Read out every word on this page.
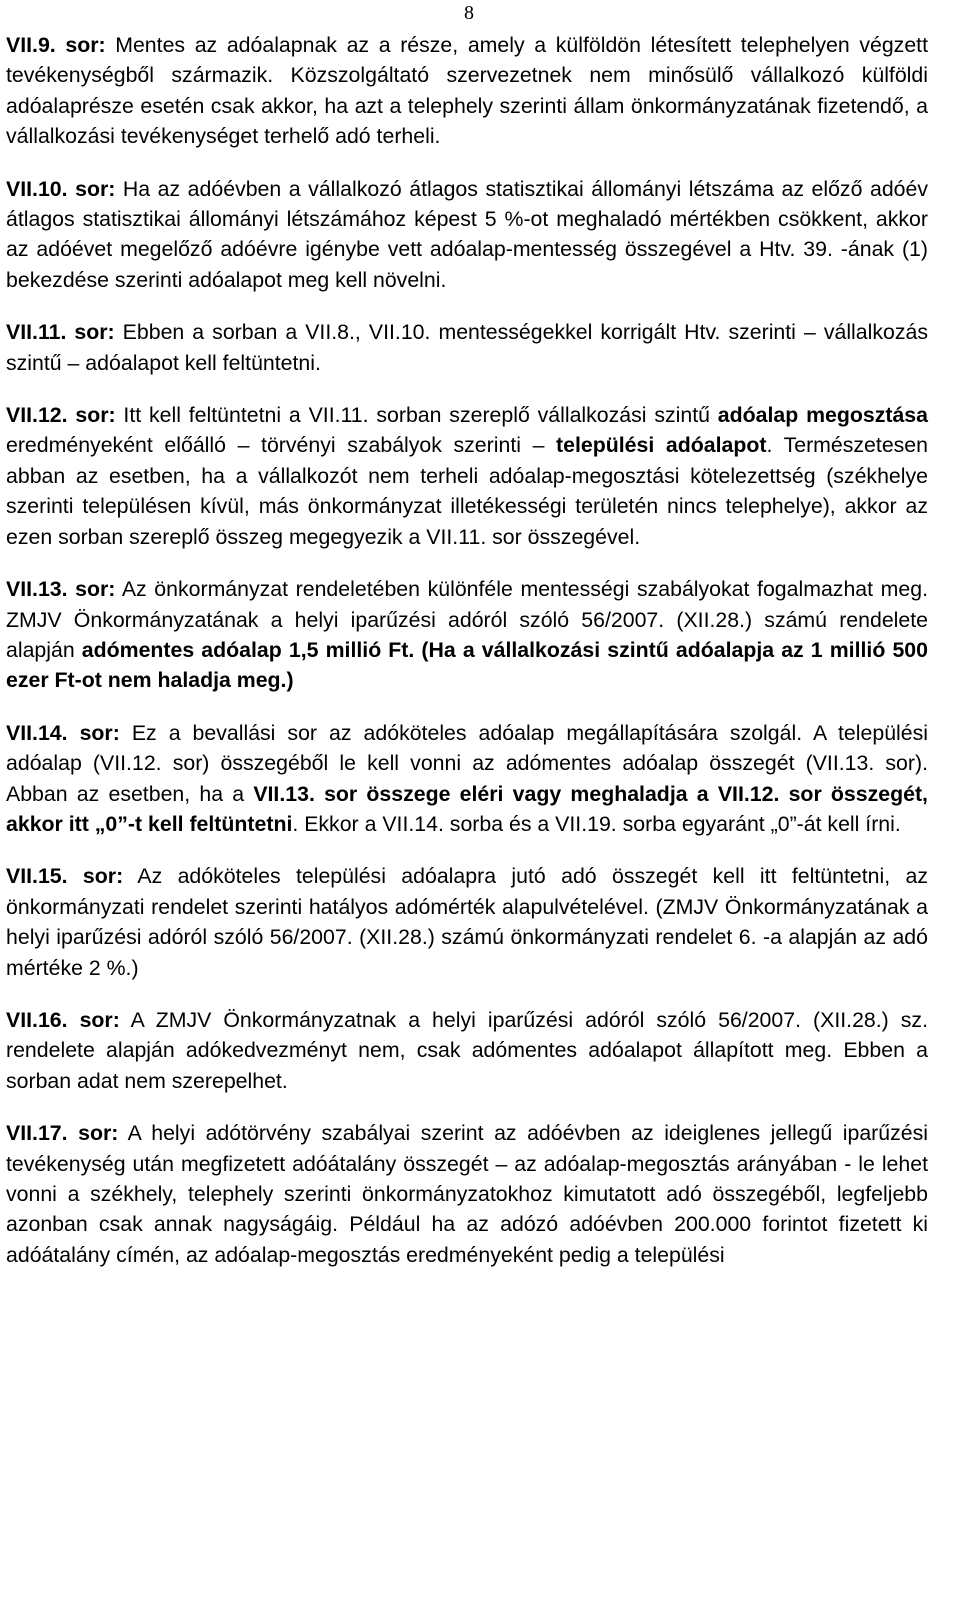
8

VII.9. sor: Mentes az adóalapnak az a része, amely a külföldön létesített telephelyen végzett tevékenységből származik. Közszolgáltató szervezetnek nem minősülő vállalkozó külföldi adóalaprésze esetén csak akkor, ha azt a telephely szerinti állam önkormányzatának fizetendő, a vállalkozási tevékenységet terhelő adó terheli.

VII.10. sor: Ha az adóévben a vállalkozó átlagos statisztikai állományi létszáma az előző adóév átlagos statisztikai állományi létszámához képest 5 %-ot meghaladó mértékben csökkent, akkor az adóévet megelőző adóévre igénybe vett adóalap-mentesség összegével a Htv. 39. -ának (1) bekezdése szerinti adóalapot meg kell növelni.

VII.11. sor: Ebben a sorban a VII.8., VII.10. mentességekkel korrigált Htv. szerinti – vállalkozás szintű – adóalapot kell feltüntetni.

VII.12. sor: Itt kell feltüntetni a VII.11. sorban szereplő vállalkozási szintű adóalap megosztása eredményeként előálló – törvényi szabályok szerinti – települési adóalapot. Természetesen abban az esetben, ha a vállalkozót nem terheli adóalap-megosztási kötelezettség (székhelye szerinti településen kívül, más önkormányzat illetékességi területén nincs telephelye), akkor az ezen sorban szereplő összeg megegyezik a VII.11. sor összegével.

VII.13. sor: Az önkormányzat rendeletében különféle mentességi szabályokat fogalmazhat meg. ZMJV Önkormányzatának a helyi iparűzési adóról szóló 56/2007. (XII.28.) számú rendelete alapján adómentes adóalap 1,5 millió Ft. (Ha a vállalkozási szintű adóalapja az 1 millió 500 ezer Ft-ot nem haladja meg.)

VII.14. sor: Ez a bevallási sor az adóköteles adóalap megállapítására szolgál. A települési adóalap (VII.12. sor) összegéből le kell vonni az adómentes adóalap összegét (VII.13. sor). Abban az esetben, ha a VII.13. sor összege eléri vagy meghaladja a VII.12. sor összegét, akkor itt „0”-t kell feltüntetni. Ekkor a VII.14. sorba és a VII.19. sorba egyaránt „0”-át kell írni.

VII.15. sor: Az adóköteles települési adóalapra jutó adó összegét kell itt feltüntetni, az önkormányzati rendelet szerinti hatályos adómérték alapulvételével. (ZMJV Önkormányzatának a helyi iparűzési adóról szóló 56/2007. (XII.28.) számú önkormányzati rendelet 6. -a alapján az adó mértéke 2 %.)

VII.16. sor: A ZMJV Önkormányzatnak a helyi iparűzési adóról szóló 56/2007. (XII.28.) sz. rendelete alapján adókedvezményt nem, csak adómentes adóalapot állapított meg. Ebben a sorban adat nem szerepelhet.

VII.17. sor: A helyi adótörvény szabályai szerint az adóévben az ideiglenes jellegű iparűzési tevékenység után megfizetett adóátalány összegét – az adóalap-megosztás arányában - le lehet vonni a székhely, telephely szerinti önkormányzatokhoz kimutatott adó összegéből, legfeljebb azonban csak annak nagyságáig. Például ha az adózó adóévben 200.000 forintot fizetett ki adóátalány címén, az adóalap-megosztás eredményeként pedig a települési
